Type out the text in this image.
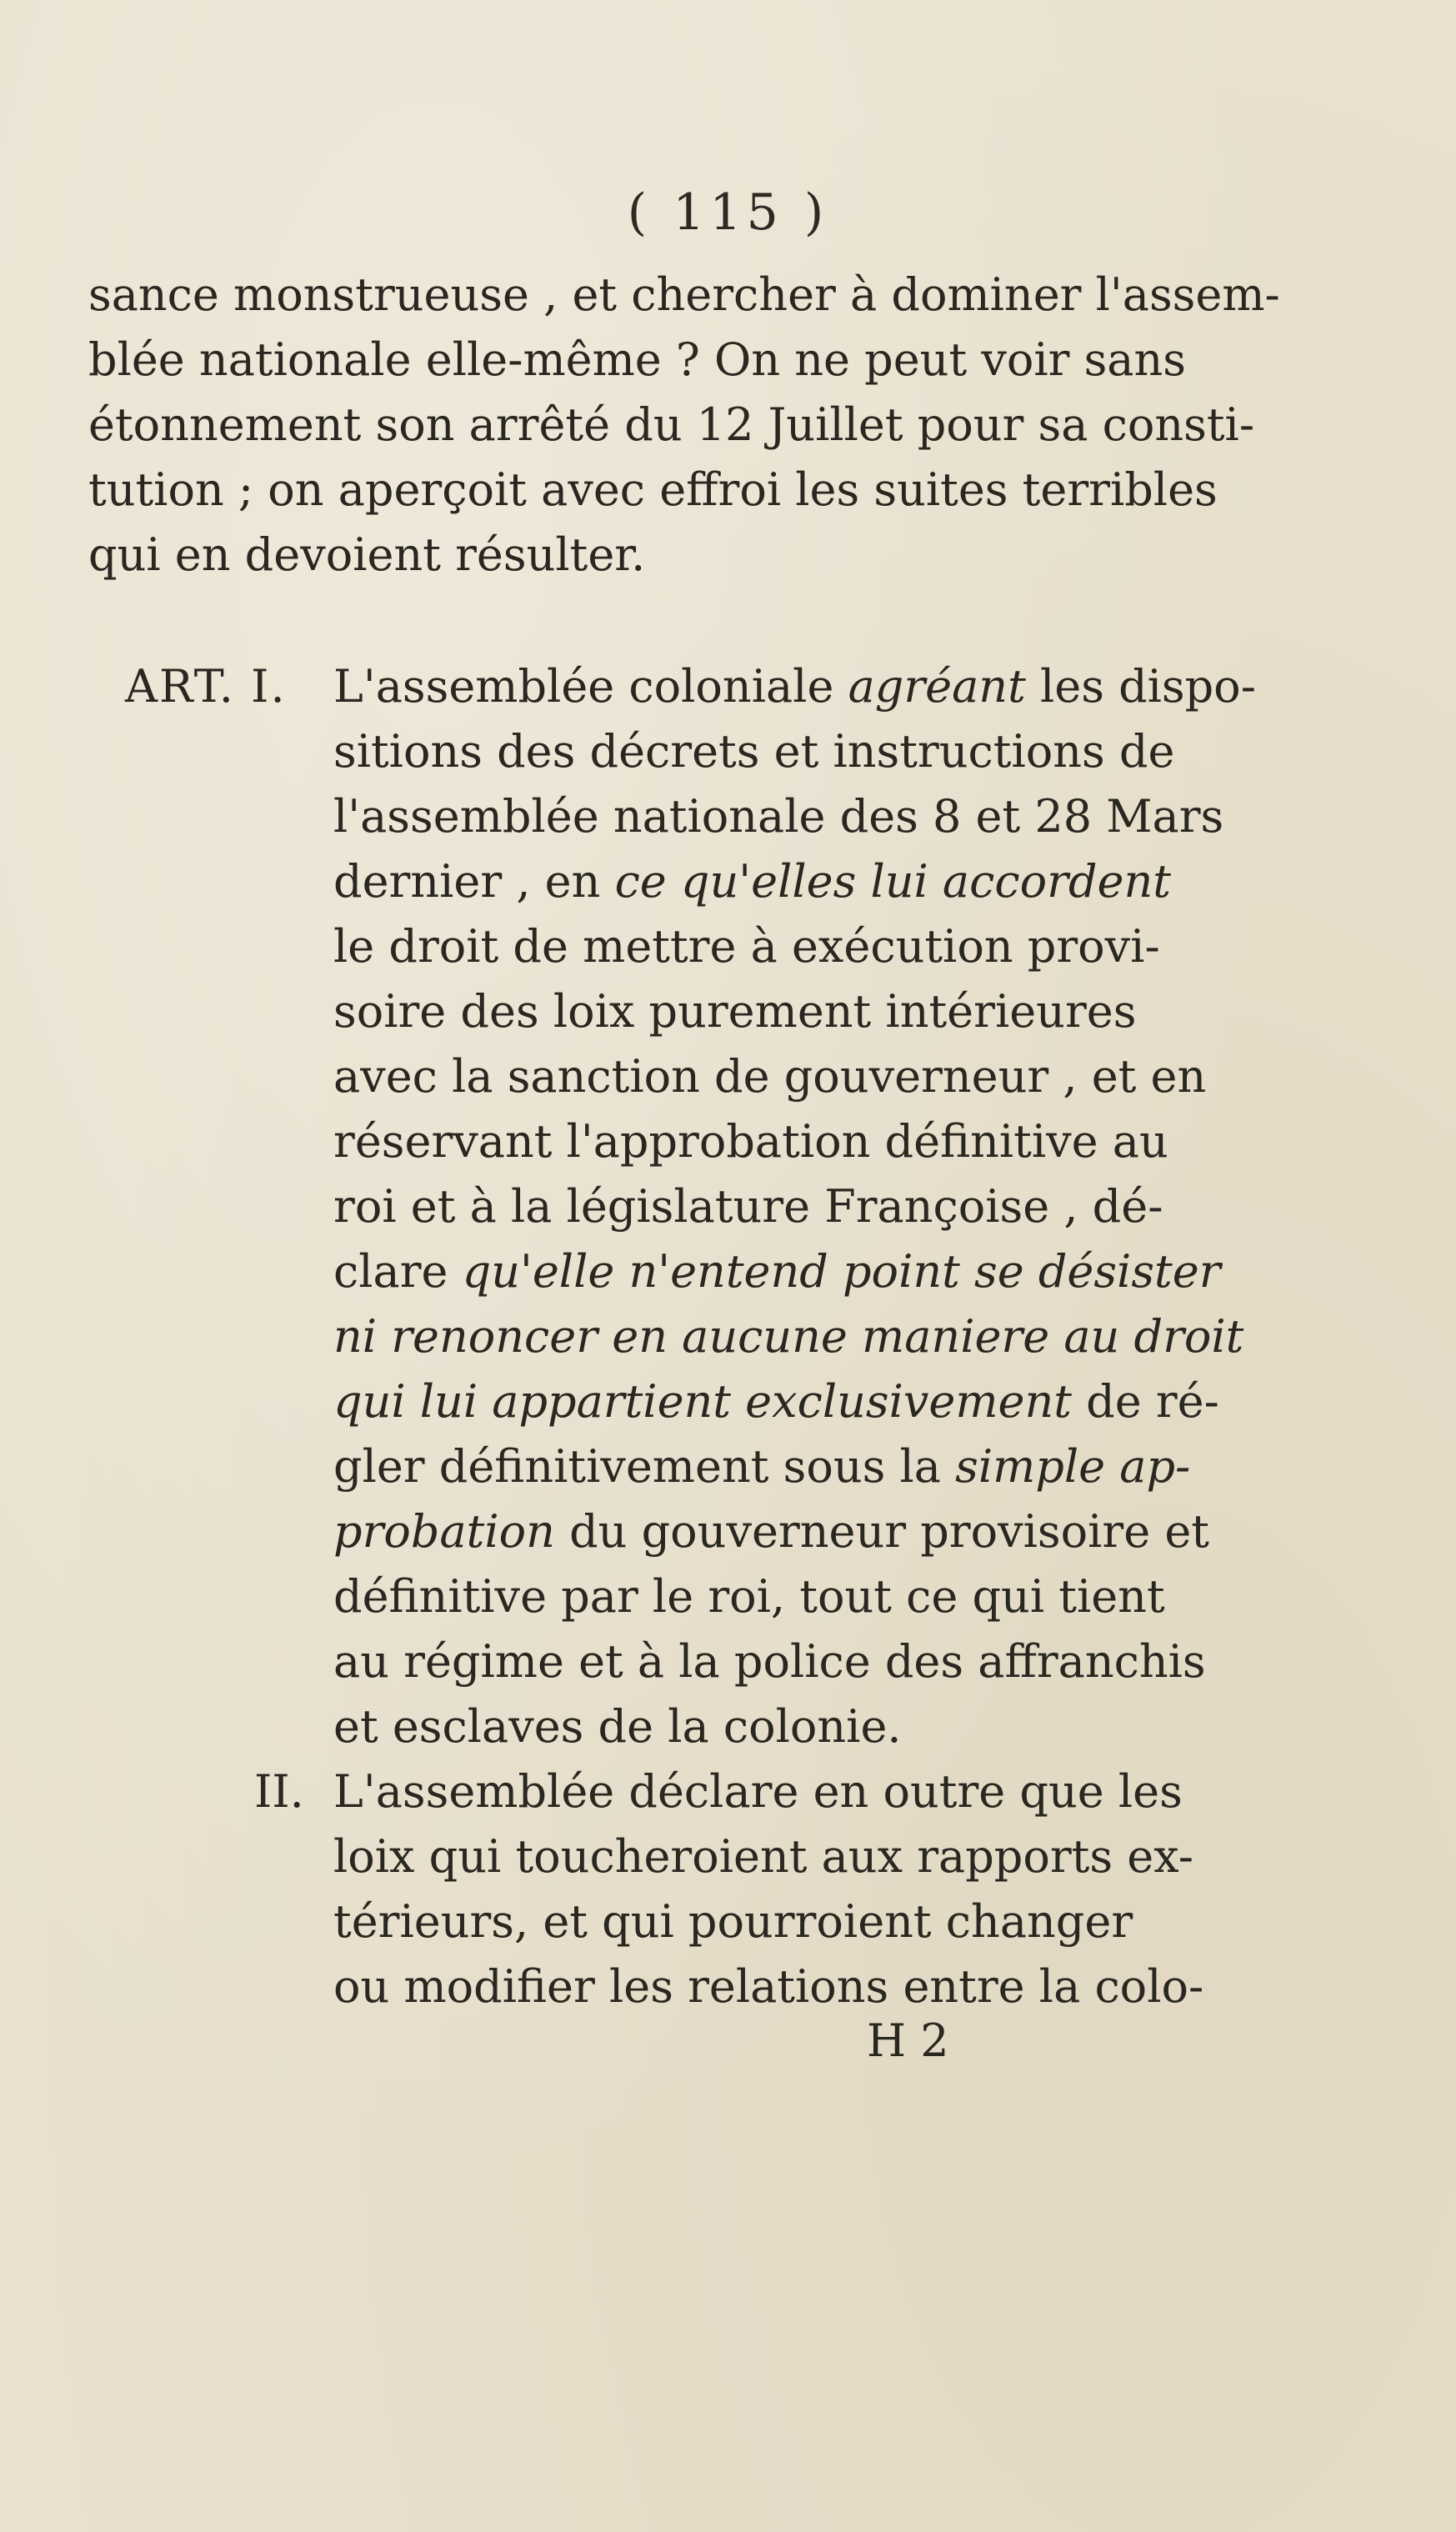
( 115 )
sance monstrueuse , et chercher à dominer l'assem-
blée nationale elle-même ? On ne peut voir sans
étonnement son arrêté du 12 Juillet pour sa consti-
tution ; on aperçoit avec effroi les suites terribles
qui en devoient résulter.
ART. I. L'assemblée coloniale agréant les dispo-
sitions des décrets et instructions de
l'assemblée nationale des 8 et 28 Mars
dernier , en ce qu'elles lui accordent
le droit de mettre à exécution provi-
soire des loix purement intérieures
avec la sanction de gouverneur , et en
réservant l'approbation définitive au
roi et à la législature Françoise , dé-
clare qu'elle n'entend point se désister
ni renoncer en aucune maniere au droit
qui lui appartient exclusivement de ré-
gler définitivement sous la simple ap-
probation du gouverneur provisoire et
définitive par le roi, tout ce qui tient
au régime et à la police des affranchis
et esclaves de la colonie.
II. L'assemblée déclare en outre que les
loix qui toucheroient aux rapports ex-
térieurs, et qui pourroient changer
ou modifier les relations entre la colo-
H 2
